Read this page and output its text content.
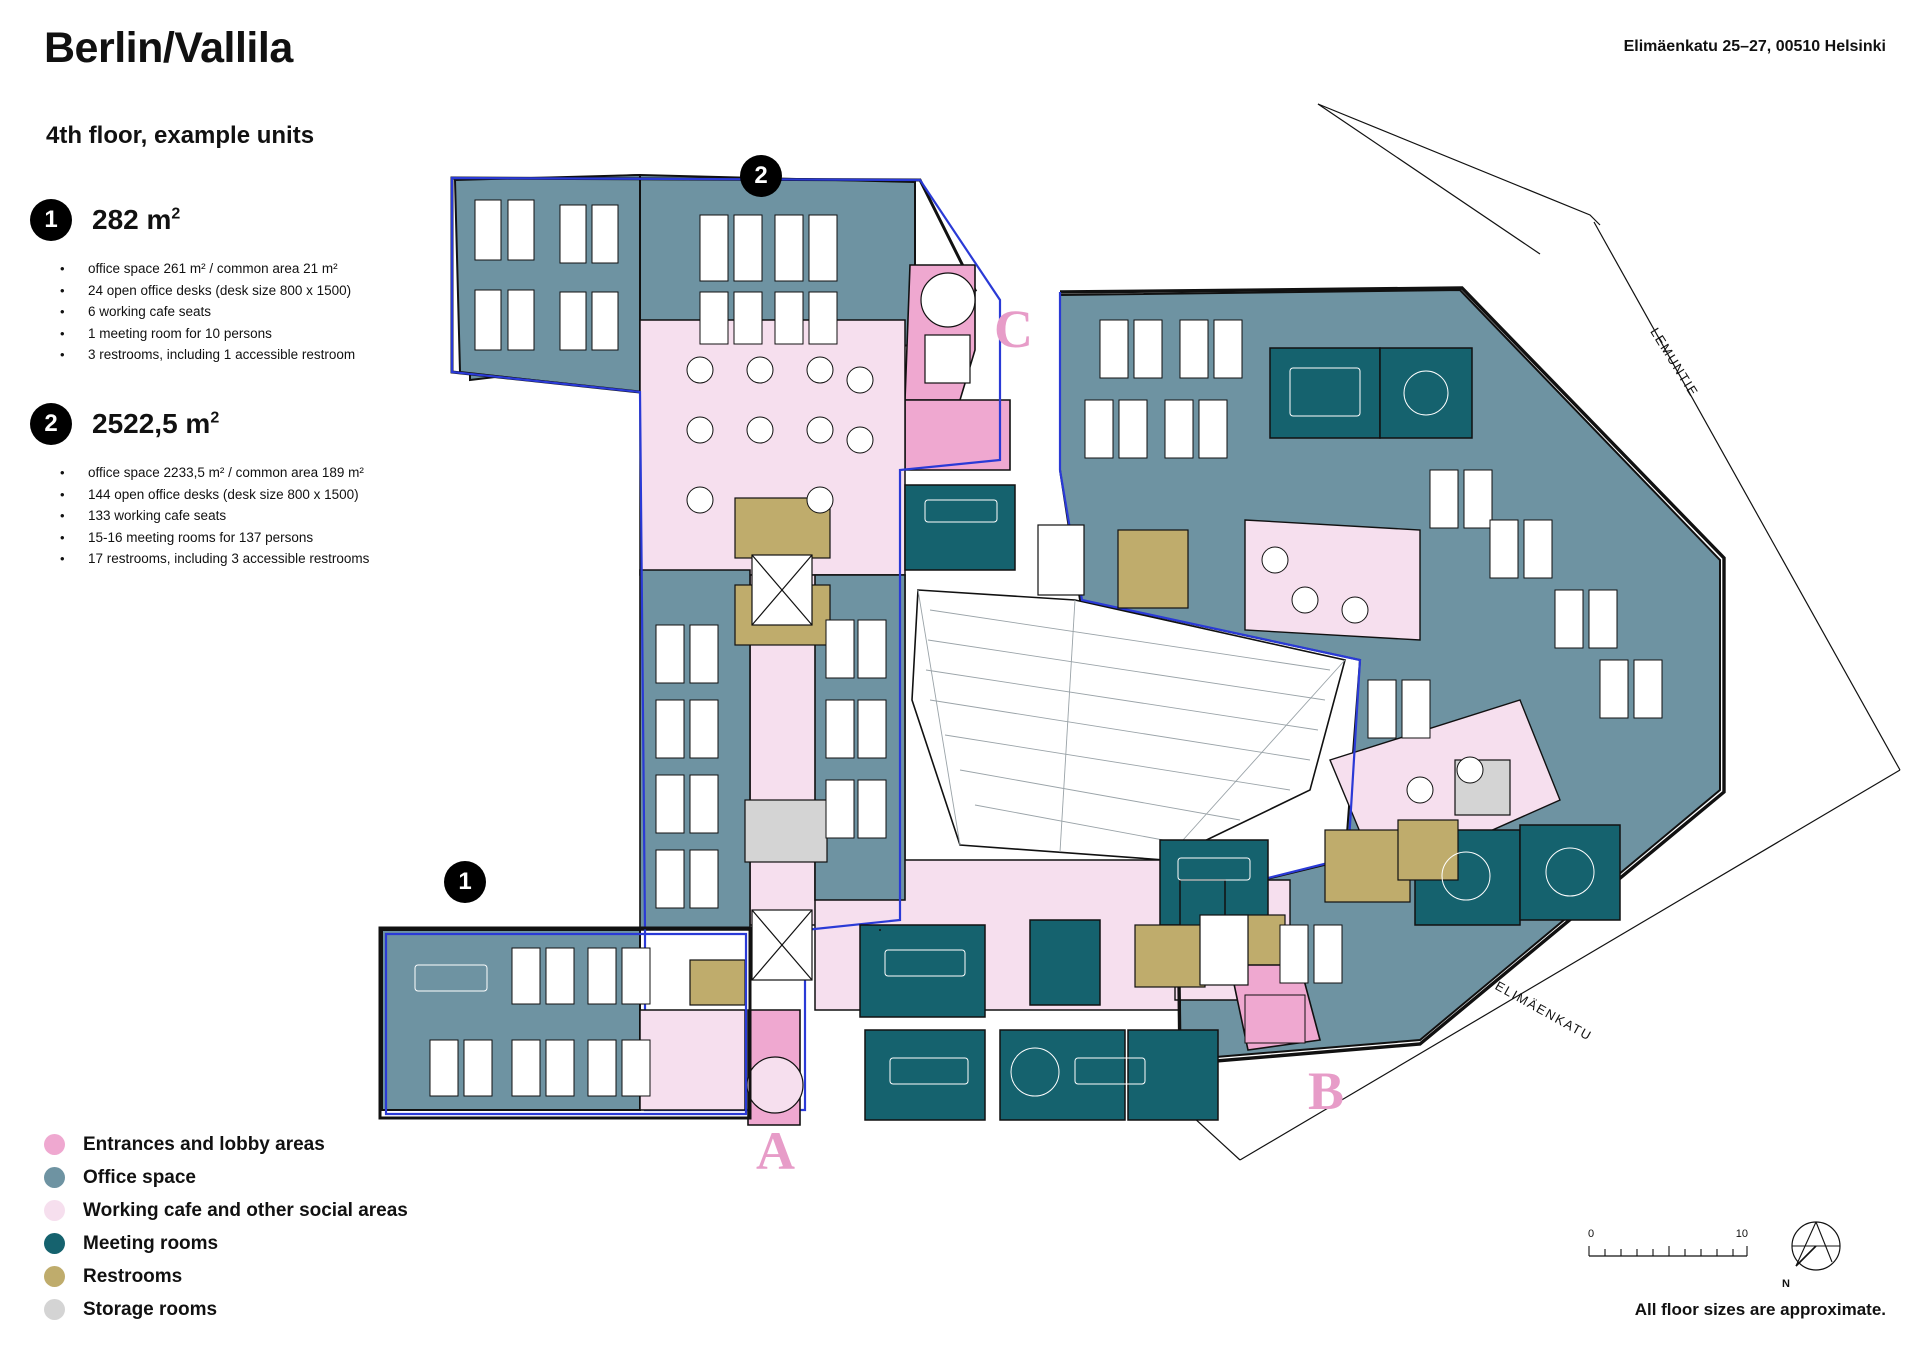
Berlin/Vallila	Elimäenkatu 25–27, 00510 Helsinki
4th floor, example units
1	282 $m^2$
• office space 261 m² / common area 21 m²
• 24 open office desks (desk size 800 x 1500)
• 6 working cafe seats
• 1 meeting room for 10 persons
• 3 restrooms, including 1 accessible restroom
2	2522,5 $m^2$
• office space 2233,5 m² / common area 189 m²
• 144 open office desks (desk size 800 x 1500)
• 133 working cafe seats
• 15-16 meeting rooms for 137 persons
• 17 restrooms, including 3 accessible restrooms
2
1
A
B
C	LEMUNTIE
ELIMÄENKATU
Entrances and lobby areas
Office space
Working cafe and other social areas
Meeting rooms
Restrooms
Storage rooms
0	10
N
All floor sizes are approximate.
